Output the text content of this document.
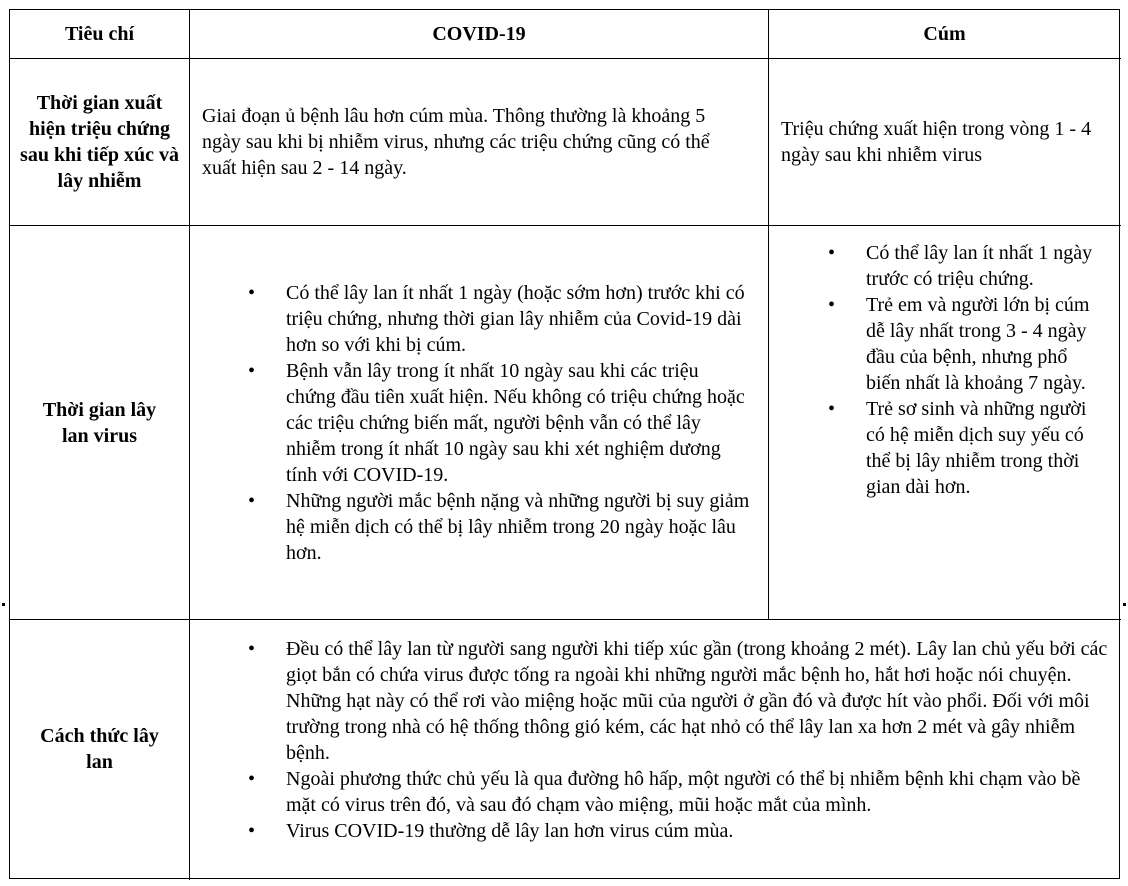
Tiêu chí	COVID-19	Cúm
Thời gian xuất hiện triệu chứng sau khi tiếp xúc và lây nhiễm
Giai đoạn ủ bệnh lâu hơn cúm mùa. Thông thường là khoảng 5 ngày sau khi bị nhiễm virus, nhưng các triệu chứng cũng có thể xuất hiện sau 2 - 14 ngày.
Triệu chứng xuất hiện trong vòng 1 - 4 ngày sau khi nhiễm virus
Thời gian lây lan virus
• Có thể lây lan ít nhất 1 ngày (hoặc sớm hơn) trước khi có triệu chứng, nhưng thời gian lây nhiễm của Covid-19 dài hơn so với khi bị cúm.
• Bệnh vẫn lây trong ít nhất 10 ngày sau khi các triệu chứng đầu tiên xuất hiện. Nếu không có triệu chứng hoặc các triệu chứng biến mất, người bệnh vẫn có thể lây nhiễm trong ít nhất 10 ngày sau khi xét nghiệm dương tính với COVID-19.
• Những người mắc bệnh nặng và những người bị suy giảm hệ miễn dịch có thể bị lây nhiễm trong 20 ngày hoặc lâu hơn.
• Có thể lây lan ít nhất 1 ngày trước có triệu chứng.
• Trẻ em và người lớn bị cúm dễ lây nhất trong 3 - 4 ngày đầu của bệnh, nhưng phổ biến nhất là khoảng 7 ngày.
• Trẻ sơ sinh và những người có hệ miễn dịch suy yếu có thể bị lây nhiễm trong thời gian dài hơn.
Cách thức lây lan
• Đều có thể lây lan từ người sang người khi tiếp xúc gần (trong khoảng 2 mét). Lây lan chủ yếu bởi các giọt bắn có chứa virus được tống ra ngoài khi những người mắc bệnh ho, hắt hơi hoặc nói chuyện. Những hạt này có thể rơi vào miệng hoặc mũi của người ở gần đó và được hít vào phổi. Đối với môi trường trong nhà có hệ thống thông gió kém, các hạt nhỏ có thể lây lan xa hơn 2 mét và gây nhiễm bệnh.
• Ngoài phương thức chủ yếu là qua đường hô hấp, một người có thể bị nhiễm bệnh khi chạm vào bề mặt có virus trên đó, và sau đó chạm vào miệng, mũi hoặc mắt của mình.
• Virus COVID-19 thường dễ lây lan hơn virus cúm mùa.
